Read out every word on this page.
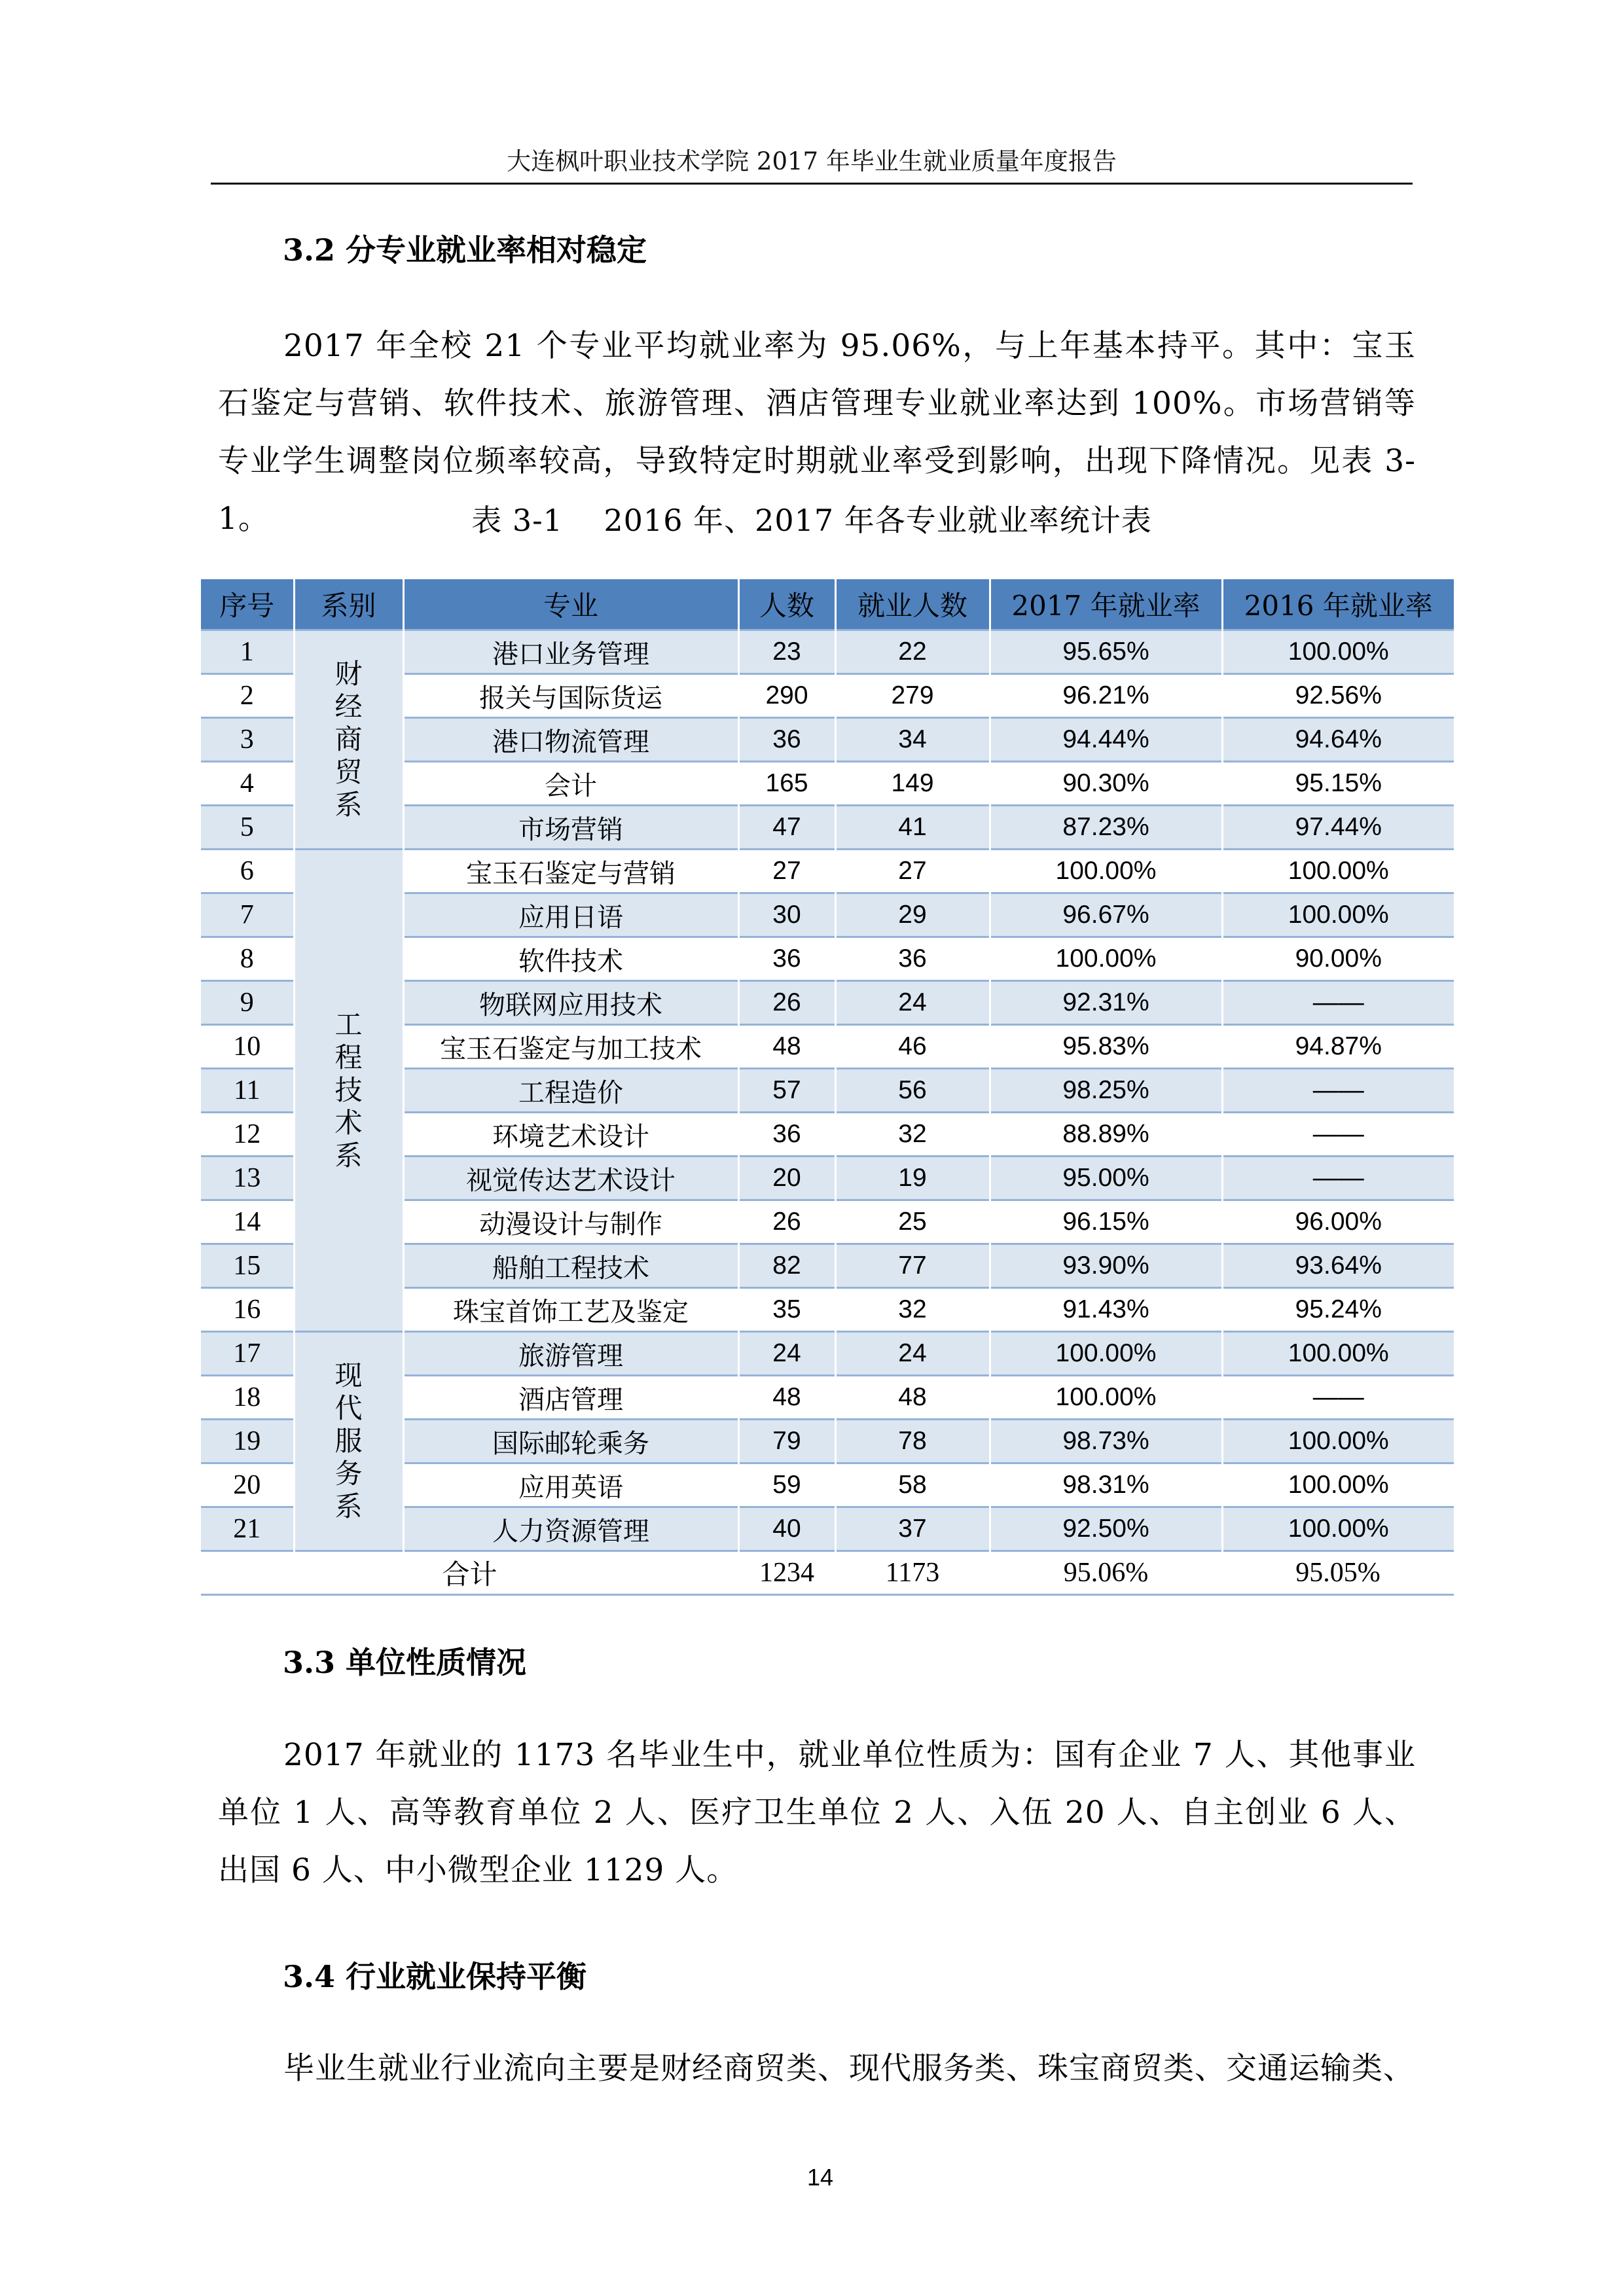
大连枫叶职业技术学院 2017 年毕业生就业质量年度报告
3.2 分专业就业率相对稳定
2017 年全校 21 个专业平均就业率为 95.06%，与上年基本持平。其中：宝玉石鉴定与营销、软件技术、旅游管理、酒店管理专业就业率达到 100%。市场营销等专业学生调整岗位频率较高，导致特定时期就业率受到影响，出现下降情况。见表 3-1。	表 3-1    2016 年、2017 年各专业就业率统计表
序号	系别	专业	人数	就业人数	2017 年就业率	2016 年就业率
1	财经商贸系	港口业务管理	23	22	95.65%	100.00%
2		报关与国际货运	290	279	96.21%	92.56%
3		港口物流管理	36	34	94.44%	94.64%
4		会计	165	149	90.30%	95.15%
5		市场营销	47	41	87.23%	97.44%
6	工程技术系	宝玉石鉴定与营销	27	27	100.00%	100.00%
7		应用日语	30	29	96.67%	100.00%
8		软件技术	36	36	100.00%	90.00%
9		物联网应用技术	26	24	92.31%	——
10		宝玉石鉴定与加工技术	48	46	95.83%	94.87%
11		工程造价	57	56	98.25%	——
12		环境艺术设计	36	32	88.89%	——
13		视觉传达艺术设计	20	19	95.00%	——
14		动漫设计与制作	26	25	96.15%	96.00%
15		船舶工程技术	82	77	93.90%	93.64%
16		珠宝首饰工艺及鉴定	35	32	91.43%	95.24%
17	现代服务系	旅游管理	24	24	100.00%	100.00%
18		酒店管理	48	48	100.00%	——
19		国际邮轮乘务	79	78	98.73%	100.00%
20		应用英语	59	58	98.31%	100.00%
21		人力资源管理	40	37	92.50%	100.00%
合计			1234	1173	95.06%	95.05%
3.3 单位性质情况
2017 年就业的 1173 名毕业生中，就业单位性质为：国有企业 7 人、其他事业单位 1 人、高等教育单位 2 人、医疗卫生单位 2 人、入伍 20 人、自主创业 6 人、出国 6 人、中小微型企业 1129 人。
3.4 行业就业保持平衡
毕业生就业行业流向主要是财经商贸类、现代服务类、珠宝商贸类、交通运输类、
14
